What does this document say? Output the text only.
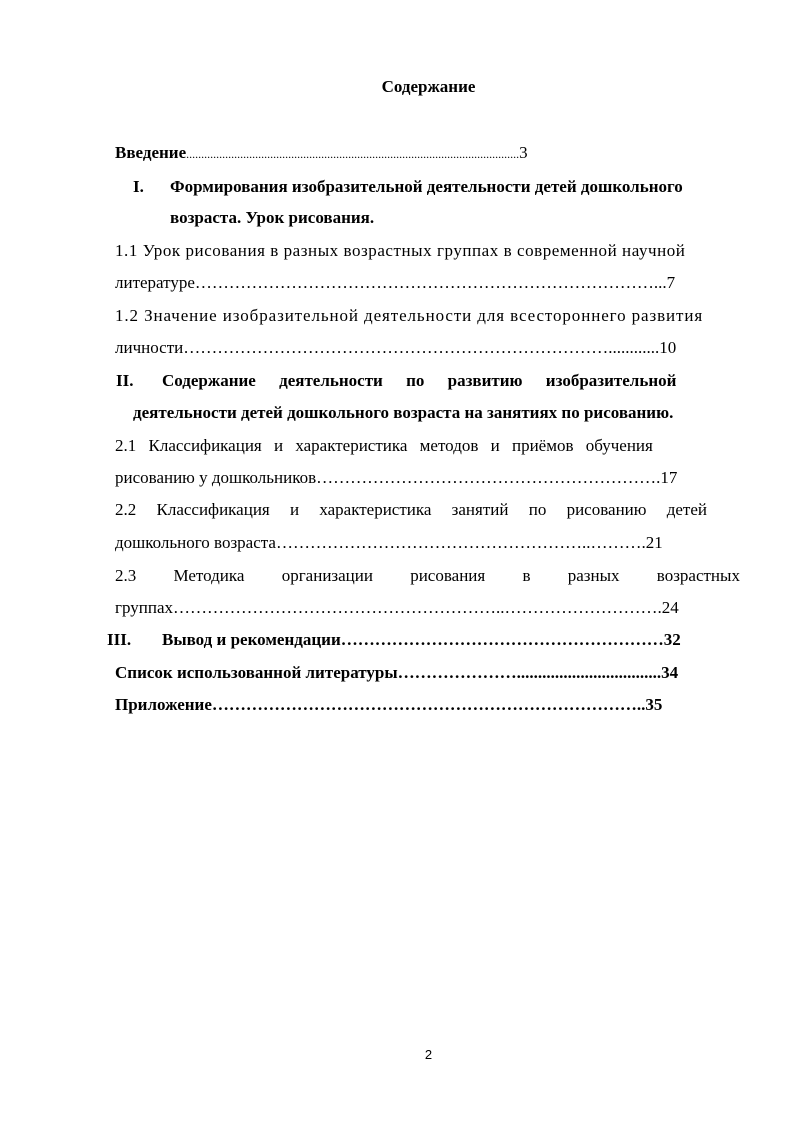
Содержание
Введение...............................................................................................................3
I.	Формирования изобразительной деятельности детей дошкольного
возраста. Урок рисования.
1.1 Урок рисования в разных возрастных группах в современной научной
литературе………………………………………………………………………...7
1.2 Значение изобразительной деятельности для всестороннего развития
личности…………………………………………………………………............10
II.	Содержание деятельности по развитию изобразительной
деятельности детей дошкольного возраста на занятиях по рисованию.
2.1 Классификация и характеристика методов и приёмов обучения
рисованию у дошкольников…………………………………………………….17
2.2 Классификация и характеристика занятий по рисованию детей
дошкольного возраста………………………………………………..……….21
2.3 Методика организации рисования в разных возрастных
группах…………………………………………………..……………………….24
III.	Вывод и рекомендации…………………………………………………32
Список использованной литературы…………………..................................34
Приложение…………………………………………………………………..35
2
